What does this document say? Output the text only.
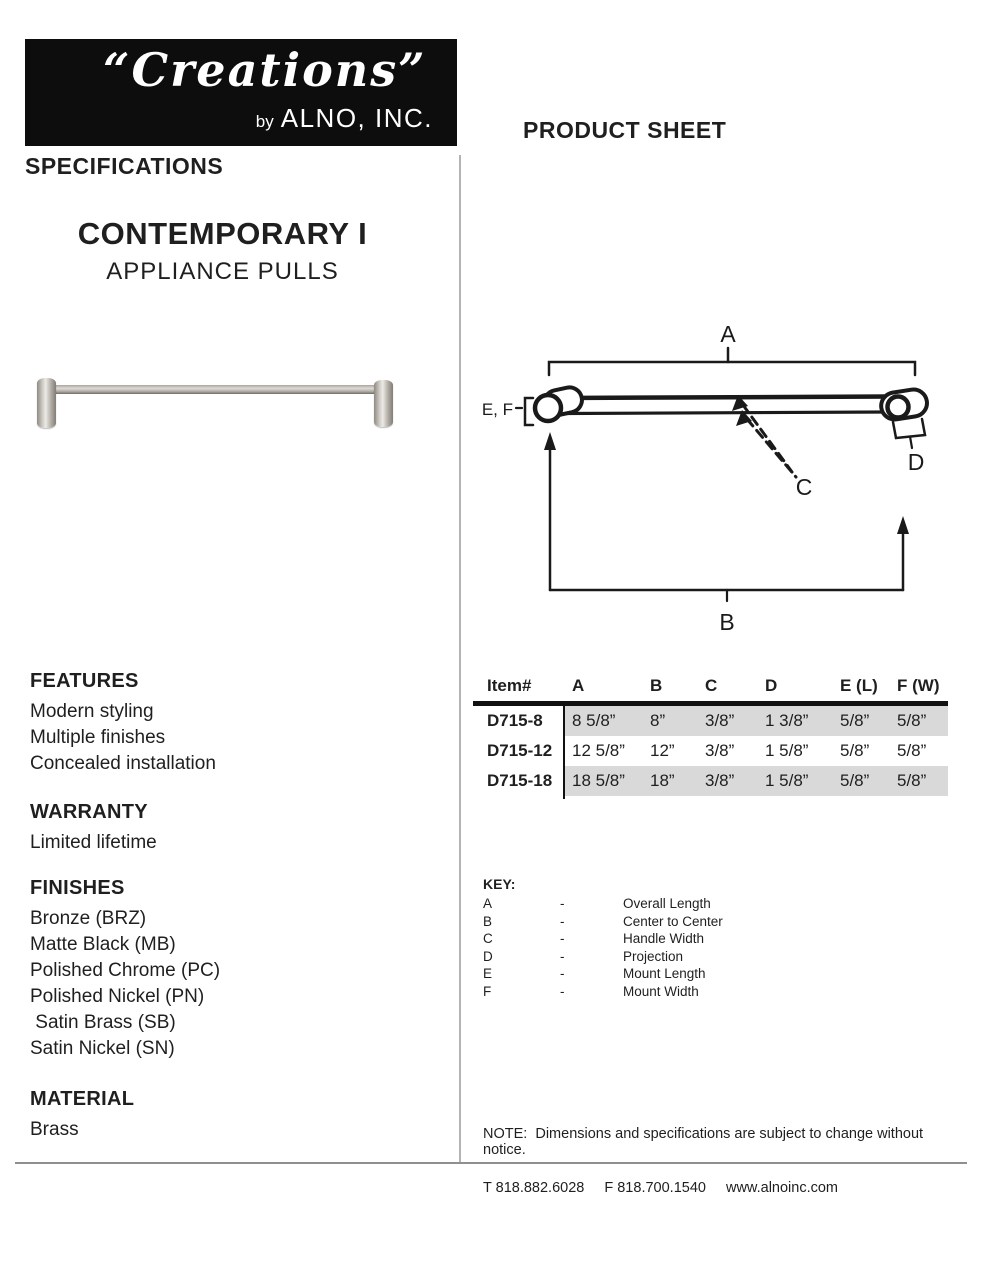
“Creations”	®
by ALNO, INC.
SPECIFICATIONS
PRODUCT SHEET
CONTEMPORARY I
APPLIANCE PULLS
FEATURES
Modern styling
Multiple finishes
Concealed installation
WARRANTY
Limited lifetime
FINISHES
Bronze (BRZ)
Matte Black (MB)
Polished Chrome (PC)
Polished Nickel (PN)
Satin Brass (SB)
Satin Nickel (SN)
MATERIAL
Brass
A
E, F
C
D
B
Item#	A	B	C	D	E (L)	F (W)
D715-8	8 5/8”	8”	3/8”	1 3/8”	5/8”	5/8”
D715-12	12 5/8”	12”	3/8”	1 5/8”	5/8”	5/8”
D715-18	18 5/8”	18”	3/8”	1 5/8”	5/8”	5/8”
KEY:
A	-	Overall Length
B	-	Center to Center
C	-	Handle Width
D	-	Projection
E	-	Mount Length
F	-	Mount Width
NOTE:  Dimensions and specifications are subject to change without notice.
T 818.882.6028 F 818.700.1540 www.alnoinc.com
